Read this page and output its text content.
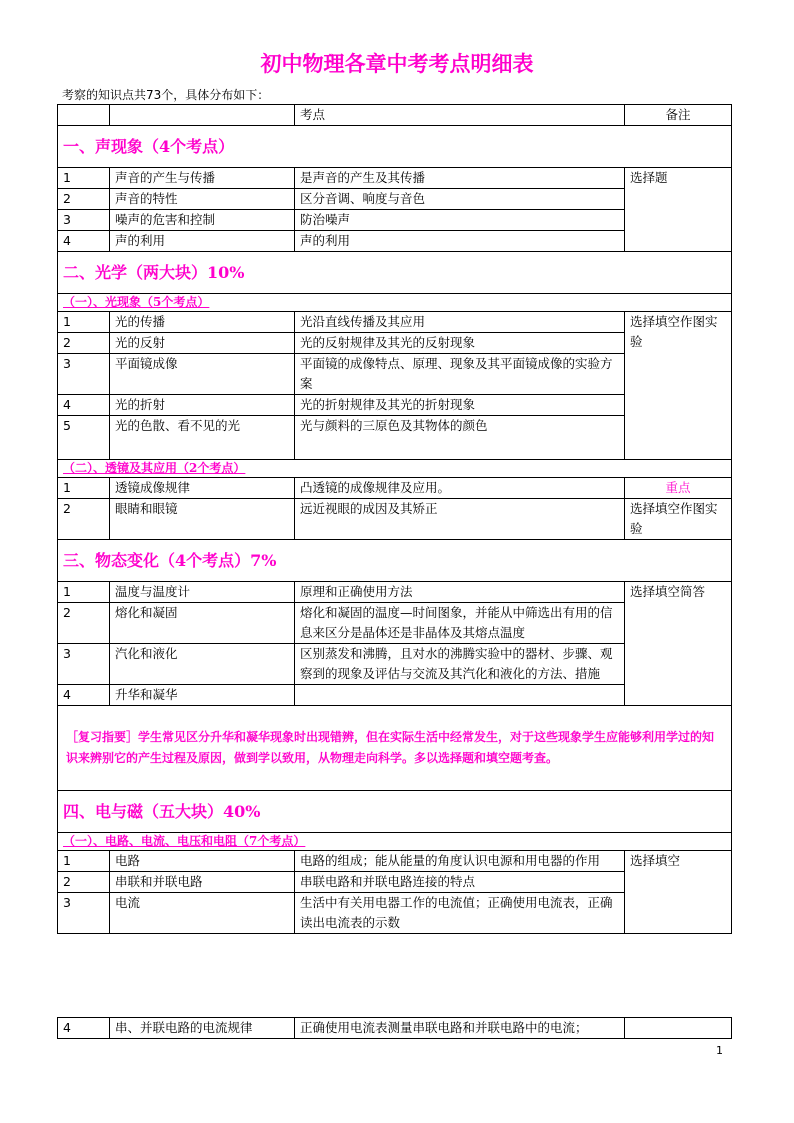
初中物理各章中考考点明细表
考察的知识点共73个，具体分布如下：
		考点	备注
一、声现象（4个考点）			
1	声音的产生与传播	是声音的产生及其传播	选择题
2	声音的特性	区分音调、响度与音色	
3	噪声的危害和控制	防治噪声	
4	声的利用	声的利用	
二、光学（两大块）10%			
（一）、光现象（5个考点）			
1	光的传播	光沿直线传播及其应用	选择填空作图实验
2	光的反射	光的反射规律及其光的反射现象	
3	平面镜成像	平面镜的成像特点、原理、现象及其平面镜成像的实验方案	
4	光的折射	光的折射规律及其光的折射现象	
5	光的色散、看不见的光	光与颜料的三原色及其物体的颜色	
（二）、透镜及其应用（2个考点）			
1	透镜成像规律	凸透镜的成像规律及应用。	重点
2	眼睛和眼镜	远近视眼的成因及其矫正	选择填空作图实验
三、物态变化（4个考点）7%			
1	温度与温度计	原理和正确使用方法	选择填空简答
2	熔化和凝固	熔化和凝固的温度—时间图象，并能从中筛选出有用的信息来区分是晶体还是非晶体及其熔点温度	
3	汽化和液化	区别蒸发和沸腾，且对水的沸腾实验中的器材、步骤、观察到的现象及评估与交流及其汽化和液化的方法、措施	
4	升华和凝华		
［复习指要］学生常见区分升华和凝华现象时出现错辨，但在实际生活中经常发生，对于这些现象学生应能够利用学过的知识来辨别它的产生过程及原因，做到学以致用，从物理走向科学。多以选择题和填空题考查。			
四、电与磁（五大块）40%			
（一）、电路、电流、电压和电阻（7个考点）			
1	电路	电路的组成；能从能量的角度认识电源和用电器的作用	选择填空
2	串联和并联电路	串联电路和并联电路连接的特点	
3	电流	生活中有关用电器工作的电流值；正确使用电流表，正确读出电流表的示数	
4	串、并联电路的电流规律	正确使用电流表测量串联电路和并联电路中的电流；	
1
